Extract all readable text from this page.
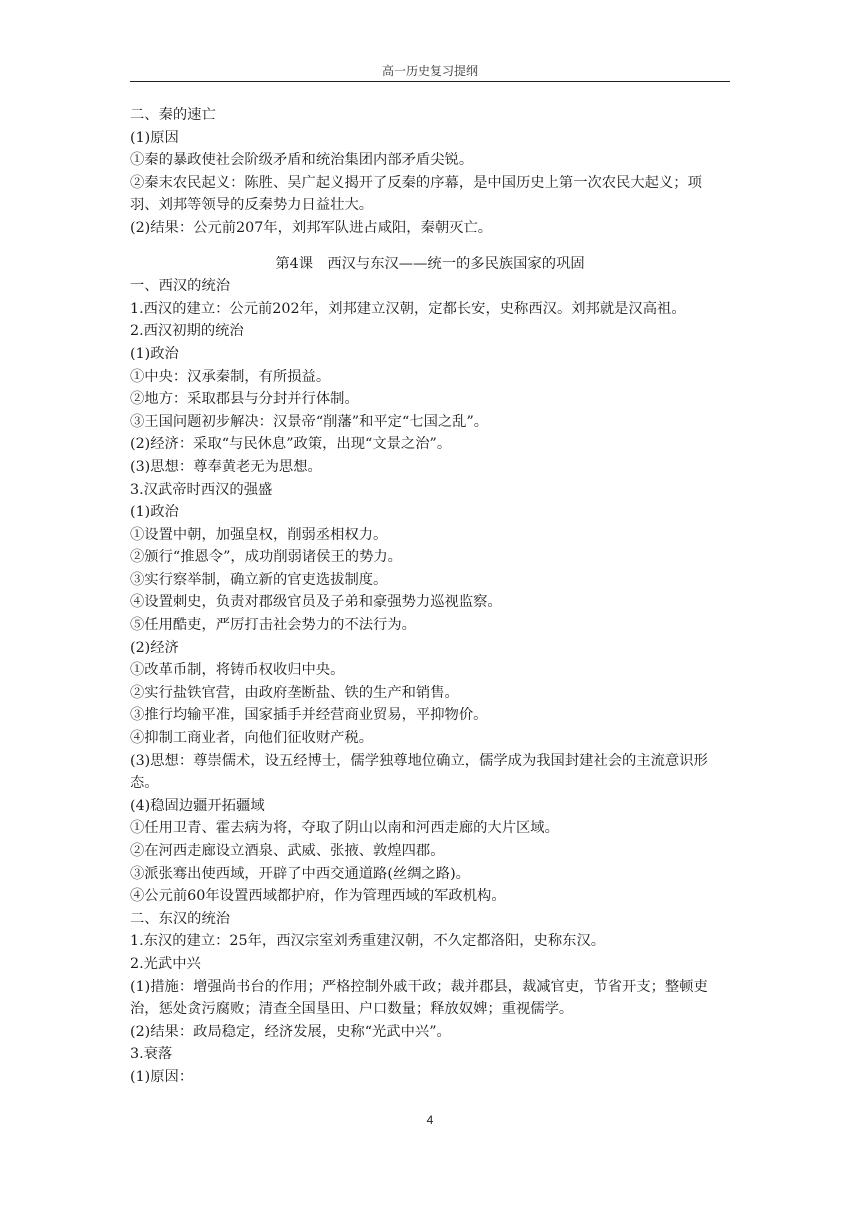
高一历史复习提纲
二、秦的速亡
(1)原因
①秦的暴政使社会阶级矛盾和统治集团内部矛盾尖锐。
②秦末农民起义：陈胜、吴广起义揭开了反秦的序幕，是中国历史上第一次农民大起义；项羽、刘邦等领导的反秦势力日益壮大。
(2)结果：公元前207年，刘邦军队进占咸阳，秦朝灭亡。
第4课　西汉与东汉——统一的多民族国家的巩固
一、西汉的统治
1.西汉的建立：公元前202年，刘邦建立汉朝，定都长安，史称西汉。刘邦就是汉高祖。
2.西汉初期的统治
(1)政治
①中央：汉承秦制，有所损益。
②地方：采取郡县与分封并行体制。
③王国问题初步解决：汉景帝“削藩”和平定“七国之乱”。
(2)经济：采取“与民休息”政策，出现“文景之治”。
(3)思想：尊奉黄老无为思想。
3.汉武帝时西汉的强盛
(1)政治
①设置中朝，加强皇权，削弱丞相权力。
②颁行“推恩令”，成功削弱诸侯王的势力。
③实行察举制，确立新的官吏选拔制度。
④设置刺史，负责对郡级官员及子弟和豪强势力巡视监察。
⑤任用酷吏，严厉打击社会势力的不法行为。
(2)经济
①改革币制，将铸币权收归中央。
②实行盐铁官营，由政府垄断盐、铁的生产和销售。
③推行均输平准，国家插手并经营商业贸易，平抑物价。
④抑制工商业者，向他们征收财产税。
(3)思想：尊崇儒术，设五经博士，儒学独尊地位确立，儒学成为我国封建社会的主流意识形态。
(4)稳固边疆开拓疆域
①任用卫青、霍去病为将，夺取了阴山以南和河西走廊的大片区域。
②在河西走廊设立酒泉、武威、张掖、敦煌四郡。
③派张骞出使西域，开辟了中西交通道路(丝绸之路)。
④公元前60年设置西域都护府，作为管理西域的军政机构。
二、东汉的统治
1.东汉的建立：25年，西汉宗室刘秀重建汉朝，不久定都洛阳，史称东汉。
2.光武中兴
(1)措施：增强尚书台的作用；严格控制外戚干政；裁并郡县，裁减官吏，节省开支；整顿吏治，惩处贪污腐败；清查全国垦田、户口数量；释放奴婢；重视儒学。
(2)结果：政局稳定，经济发展，史称“光武中兴”。
3.衰落
(1)原因：
4
